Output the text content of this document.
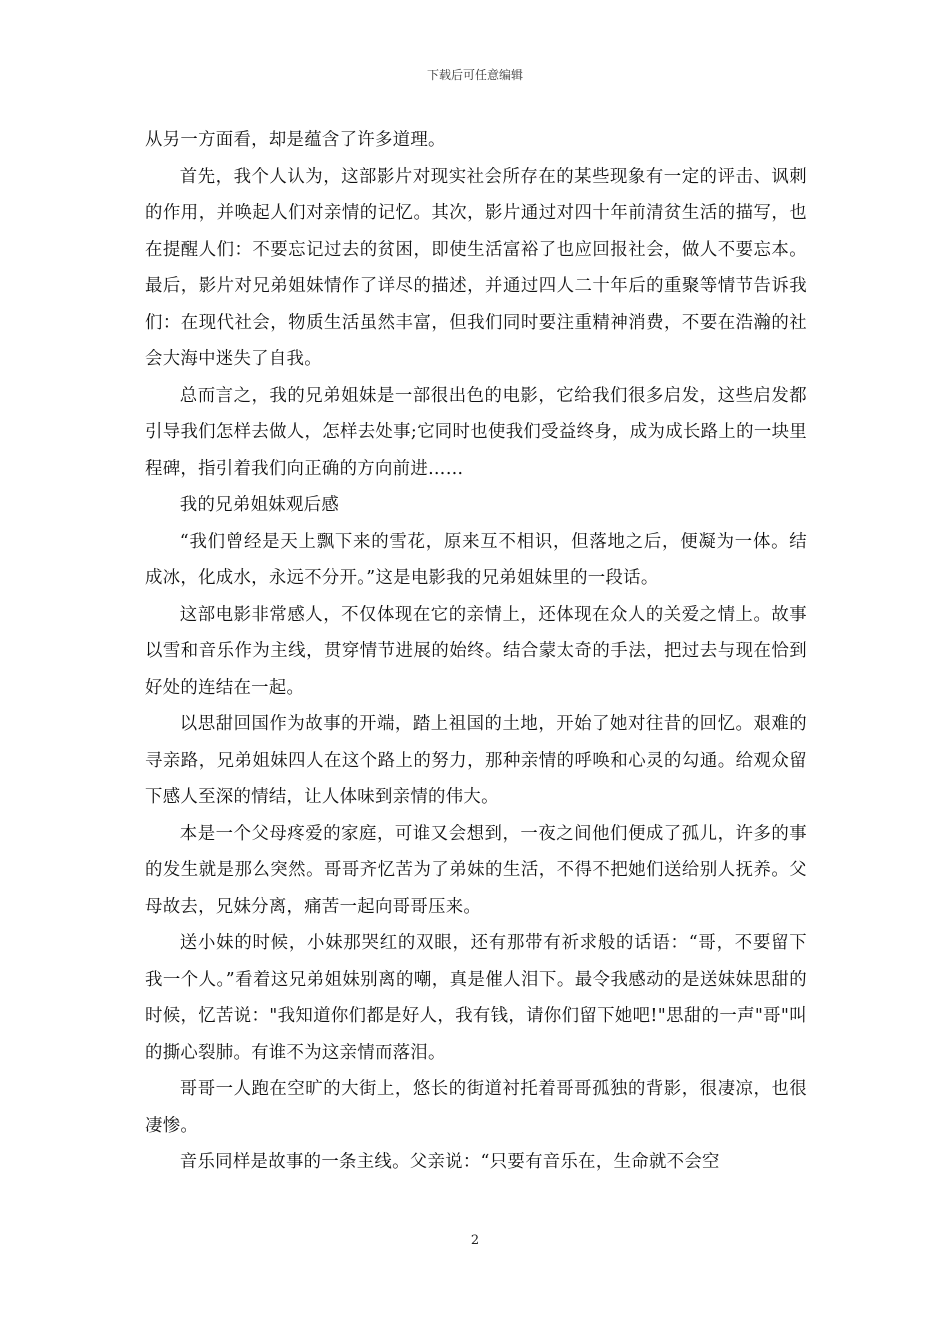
下载后可任意编辑

从另一方面看，却是蕴含了许多道理。

首先，我个人认为，这部影片对现实社会所存在的某些现象有一定的评击、讽刺的作用，并唤起人们对亲情的记忆。其次，影片通过对四十年前清贫生活的描写，也在提醒人们：不要忘记过去的贫困，即使生活富裕了也应回报社会，做人不要忘本。最后，影片对兄弟姐妹情作了详尽的描述，并通过四人二十年后的重聚等情节告诉我们：在现代社会，物质生活虽然丰富，但我们同时要注重精神消费，不要在浩瀚的社会大海中迷失了自我。

总而言之，我的兄弟姐妹是一部很出色的电影，它给我们很多启发，这些启发都引导我们怎样去做人，怎样去处事;它同时也使我们受益终身，成为成长路上的一块里程碑，指引着我们向正确的方向前进……

我的兄弟姐妹观后感

“我们曾经是天上飘下来的雪花，原来互不相识，但落地之后，便凝为一体。结成冰，化成水，永远不分开。”这是电影我的兄弟姐妹里的一段话。

这部电影非常感人，不仅体现在它的亲情上，还体现在众人的关爱之情上。故事以雪和音乐作为主线，贯穿情节进展的始终。结合蒙太奇的手法，把过去与现在恰到好处的连结在一起。

以思甜回国作为故事的开端，踏上祖国的土地，开始了她对往昔的回忆。艰难的寻亲路，兄弟姐妹四人在这个路上的努力，那种亲情的呼唤和心灵的勾通。给观众留下感人至深的情结，让人体味到亲情的伟大。

本是一个父母疼爱的家庭，可谁又会想到，一夜之间他们便成了孤儿，许多的事的发生就是那么突然。哥哥齐忆苦为了弟妹的生活，不得不把她们送给别人抚养。父母故去，兄妹分离，痛苦一起向哥哥压来。

送小妹的时候，小妹那哭红的双眼，还有那带有祈求般的话语：“哥，不要留下我一个人。”看着这兄弟姐妹别离的嘲，真是催人泪下。最令我感动的是送妹妹思甜的时候，忆苦说："我知道你们都是好人，我有钱，请你们留下她吧!"思甜的一声"哥"叫的撕心裂肺。有谁不为这亲情而落泪。

哥哥一人跑在空旷的大街上，悠长的街道衬托着哥哥孤独的背影，很凄凉，也很凄惨。

音乐同样是故事的一条主线。父亲说：“只要有音乐在，生命就不会空

2
